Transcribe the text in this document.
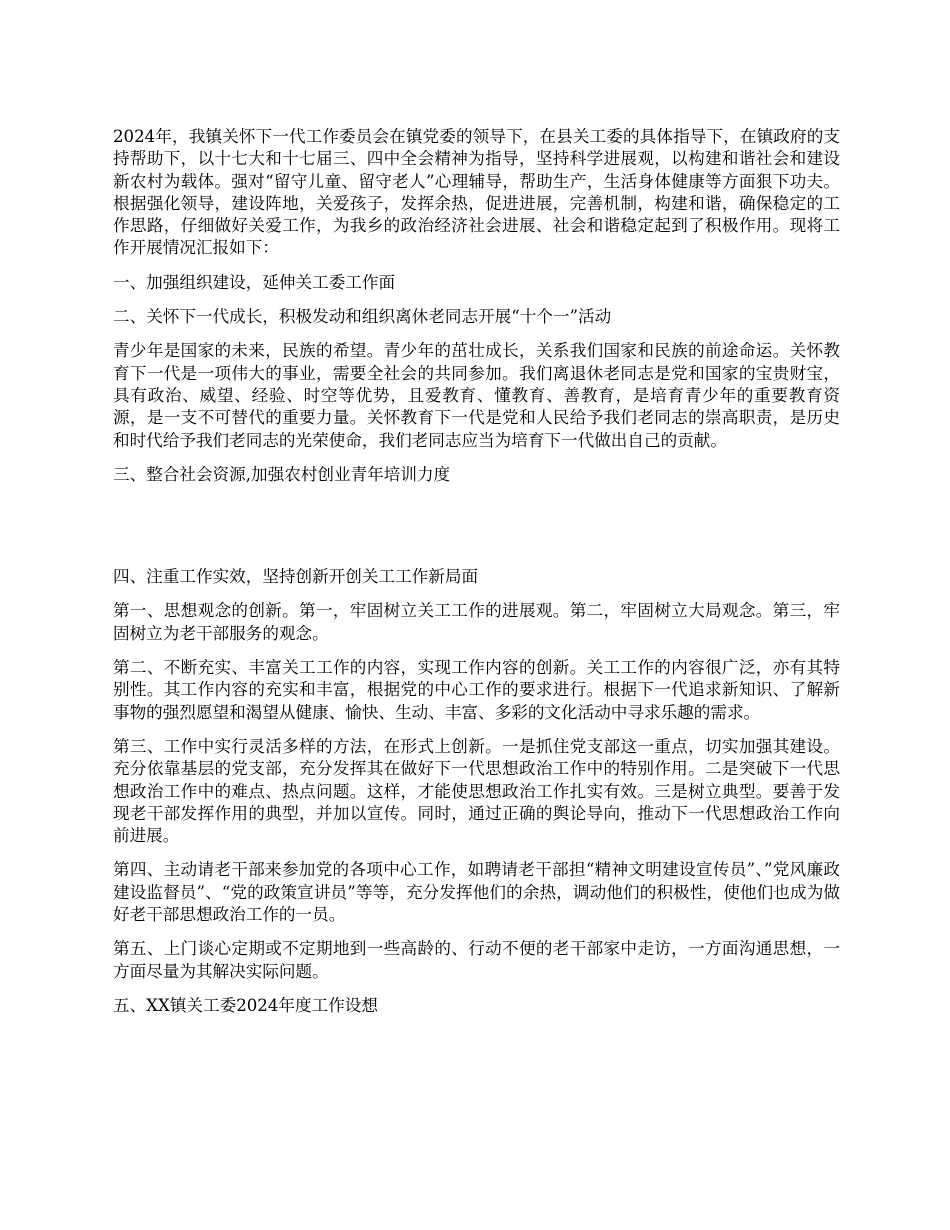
2024年，我镇关怀下一代工作委员会在镇党委的领导下，在县关工委的具体指导下，在镇政府的支持帮助下，以十七大和十七届三、四中全会精神为指导，坚持科学进展观，以构建和谐社会和建设新农村为载体。强对“留守儿童、留守老人”心理辅导，帮助生产，生活身体健康等方面狠下功夫。根据强化领导，建设阵地，关爱孩子，发挥余热，促进进展，完善机制，构建和谐，确保稳定的工作思路，仔细做好关爱工作，为我乡的政治经济社会进展、社会和谐稳定起到了积极作用。现将工作开展情况汇报如下：

一、加强组织建设，延伸关工委工作面

二、关怀下一代成长，积极发动和组织离休老同志开展“十个一”活动

青少年是国家的未来，民族的希望。青少年的茁壮成长，关系我们国家和民族的前途命运。关怀教育下一代是一项伟大的事业，需要全社会的共同参加。我们离退休老同志是党和国家的宝贵财宝，具有政治、威望、经验、时空等优势，且爱教育、懂教育、善教育，是培育青少年的重要教育资源，是一支不可替代的重要力量。关怀教育下一代是党和人民给予我们老同志的崇高职责，是历史和时代给予我们老同志的光荣使命，我们老同志应当为培育下一代做出自己的贡献。

三、整合社会资源,加强农村创业青年培训力度

四、注重工作实效，坚持创新开创关工工作新局面

第一、思想观念的创新。第一，牢固树立关工工作的进展观。第二，牢固树立大局观念。第三，牢固树立为老干部服务的观念。

第二、不断充实、丰富关工工作的内容，实现工作内容的创新。关工工作的内容很广泛，亦有其特别性。其工作内容的充实和丰富，根据党的中心工作的要求进行。根据下一代追求新知识、了解新事物的强烈愿望和渴望从健康、愉快、生动、丰富、多彩的文化活动中寻求乐趣的需求。

第三、工作中实行灵活多样的方法，在形式上创新。一是抓住党支部这一重点，切实加强其建设。充分依靠基层的党支部，充分发挥其在做好下一代思想政治工作中的特别作用。二是突破下一代思想政治工作中的难点、热点问题。这样，才能使思想政治工作扎实有效。三是树立典型。要善于发现老干部发挥作用的典型，并加以宣传。同时，通过正确的舆论导向，推动下一代思想政治工作向前进展。

第四、主动请老干部来参加党的各项中心工作，如聘请老干部担“精神文明建设宣传员”、”党风廉政建设监督员”、“党的政策宣讲员”等等，充分发挥他们的余热，调动他们的积极性，使他们也成为做好老干部思想政治工作的一员。

第五、上门谈心定期或不定期地到一些高龄的、行动不便的老干部家中走访，一方面沟通思想，一方面尽量为其解决实际问题。

五、XX镇关工委2024年度工作设想
